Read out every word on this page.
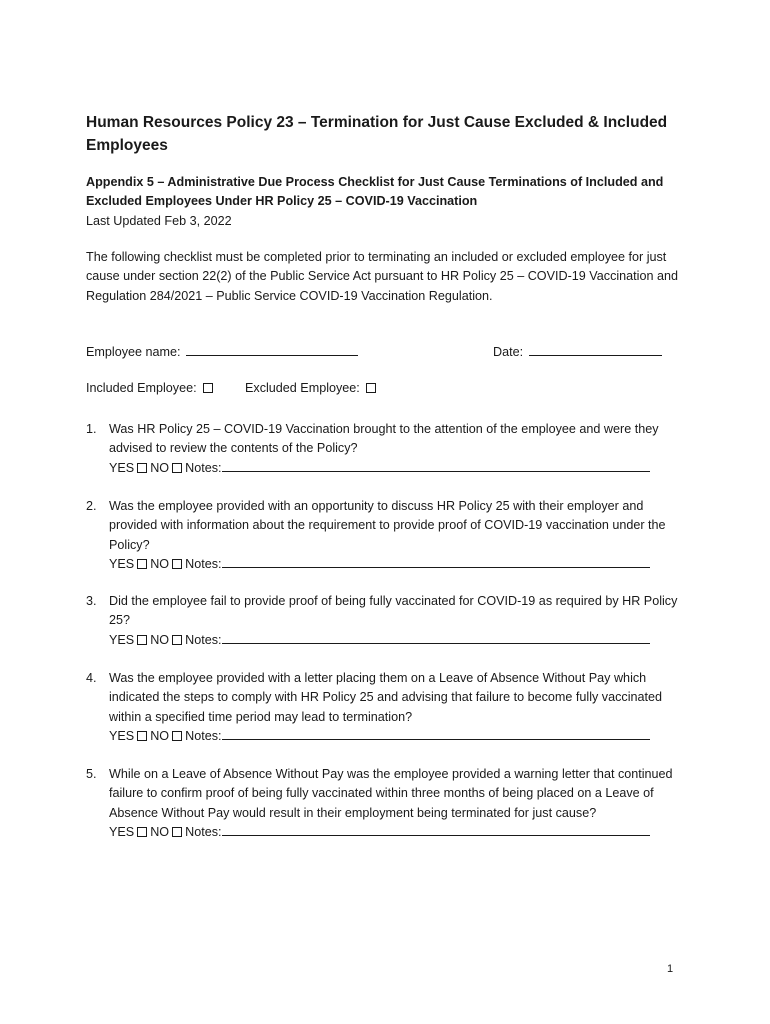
Human Resources Policy 23 – Termination for Just Cause Excluded & Included Employees
Appendix 5 – Administrative Due Process Checklist for Just Cause Terminations of Included and Excluded Employees Under HR Policy 25 – COVID-19 Vaccination
Last Updated Feb 3, 2022
The following checklist must be completed prior to terminating an included or excluded employee for just cause under section 22(2) of the Public Service Act pursuant to HR Policy 25 – COVID-19 Vaccination and Regulation 284/2021 – Public Service COVID-19 Vaccination Regulation.
Employee name:	Date:
Included Employee:	Excluded Employee:
1. Was HR Policy 25 – COVID-19 Vaccination brought to the attention of the employee and were they advised to review the contents of the Policy?
YES NO Notes:
2. Was the employee provided with an opportunity to discuss HR Policy 25 with their employer and provided with information about the requirement to provide proof of COVID-19 vaccination under the Policy?
YES NO Notes:
3. Did the employee fail to provide proof of being fully vaccinated for COVID-19 as required by HR Policy 25?
YES NO Notes:
4. Was the employee provided with a letter placing them on a Leave of Absence Without Pay which indicated the steps to comply with HR Policy 25 and advising that failure to become fully vaccinated within a specified time period may lead to termination?
YES NO Notes:
5. While on a Leave of Absence Without Pay was the employee provided a warning letter that continued failure to confirm proof of being fully vaccinated within three months of being placed on a Leave of Absence Without Pay would result in their employment being terminated for just cause?
YES NO Notes:
1
